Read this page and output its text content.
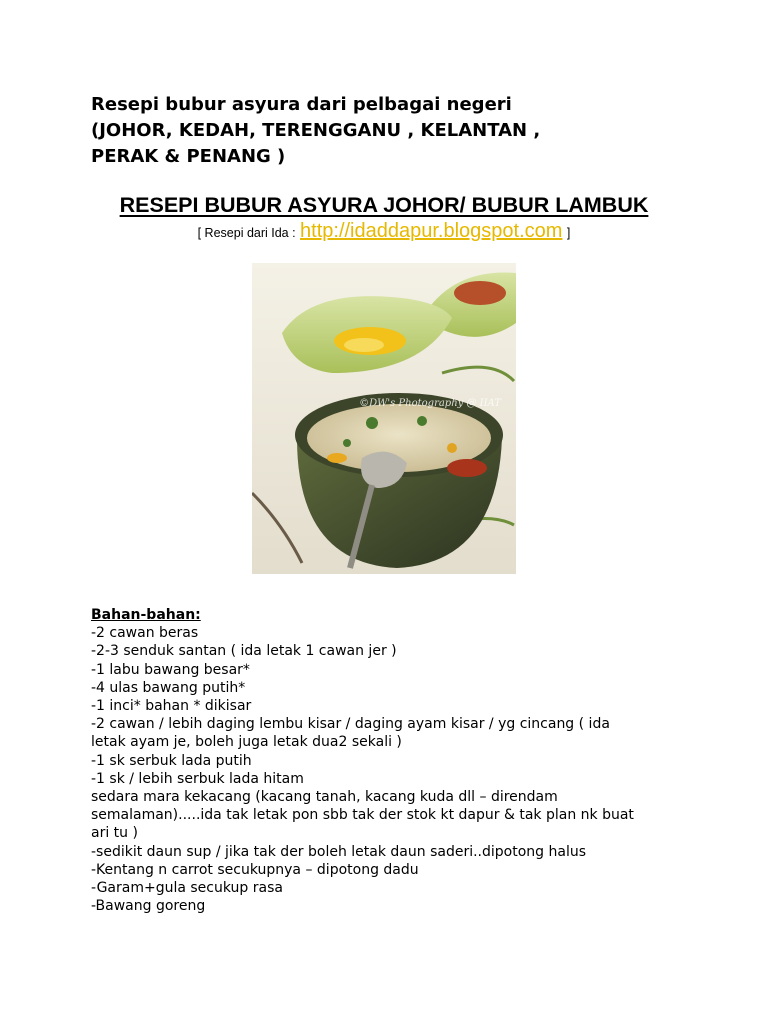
Resepi bubur asyura dari pelbagai negeri
(JOHOR, KEDAH, TERENGGANU , KELANTAN ,
PERAK & PENANG )
RESEPI BUBUR ASYURA JOHOR/ BUBUR LAMBUK
[ Resepi dari Ida : http://idaddapur.blogspot.com ]
©DW's Photography @ IIAT
Bahan-bahan:
-2 cawan beras
-2-3 senduk santan ( ida letak 1 cawan jer )
-1 labu bawang besar*
-4 ulas bawang putih*
-1 inci* bahan * dikisar
-2 cawan / lebih daging lembu kisar / daging ayam kisar / yg cincang ( ida
letak ayam je, boleh juga letak dua2 sekali )
-1 sk serbuk lada putih
-1 sk / lebih serbuk lada hitam
sedara mara kekacang (kacang tanah, kacang kuda dll – direndam
semalaman).....ida tak letak pon sbb tak der stok kt dapur & tak plan nk buat
ari tu )
-sedikit daun sup / jika tak der boleh letak daun saderi..dipotong halus
-Kentang n carrot secukupnya – dipotong dadu
-Garam+gula secukup rasa
-Bawang goreng
